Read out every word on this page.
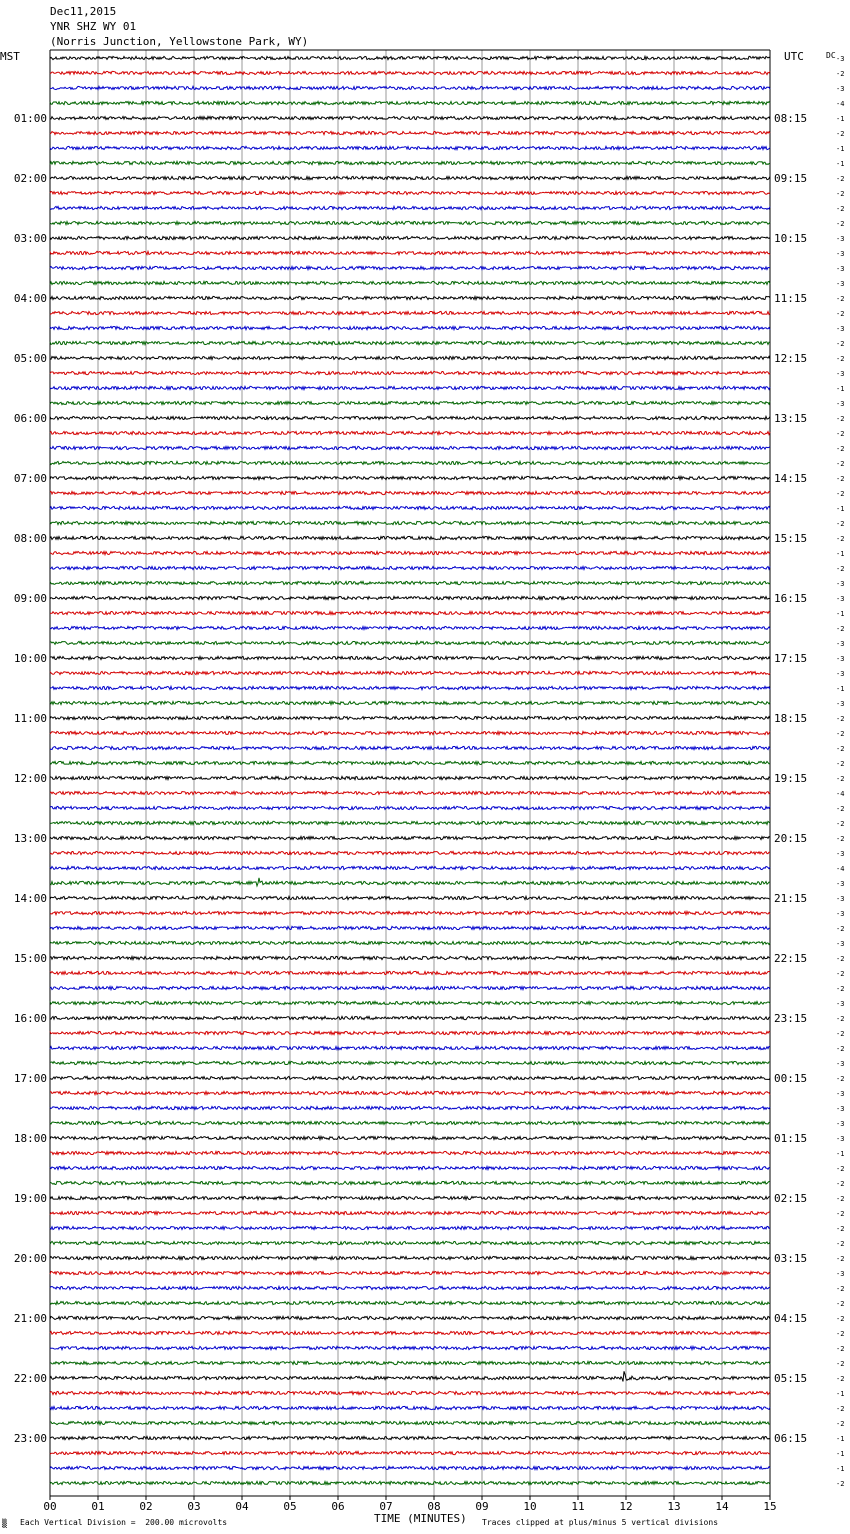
01:00
02:00
03:00
04:00
05:00
06:00
07:00
08:00
09:00
10:00
11:00
12:00
13:00
14:00
15:00
16:00
17:00
18:00
19:00
20:00
21:00
22:00
23:00
08:15
09:15
10:15
11:15
12:15
13:15
14:15
15:15
16:15
17:15
18:15
19:15
20:15
21:15
22:15
23:15
00:15
01:15
02:15
03:15
04:15
05:15
06:15
-3
-2
-3
-4
-1
-2
-1
-1
-2
-2
-2
-2
-3
-3
-3
-3
-2
-2
-3
-2
-2
-3
-1
-3
-2
-2
-2
-2
-2
-2
-1
-2
-2
-1
-2
-3
-3
-1
-2
-3
-3
-3
-1
-3
-2
-2
-2
-2
-2
-4
-2
-2
-2
-3
-4
-3
-3
-3
-2
-3
-2
-2
-2
-3
-2
-2
-2
-3
-2
-3
-3
-3
-3
-1
-2
-2
-2
-2
-2
-2
-2
-3
-2
-2
-2
-2
-2
-2
-2
-1
-2
-2
-1
-1
-1
-2
00	01	02	03	04	05	06	07	08	09	10	11	12	13	14	15
Dec11,2015
YNR SHZ WY 01
(Norris Junction, Yellowstone Park, WY)
MST	UTC	DC
TIME (MINUTES)
▒ Each Vertical Division =  200.00 microvolts	Traces clipped at plus/minus 5 vertical divisions
